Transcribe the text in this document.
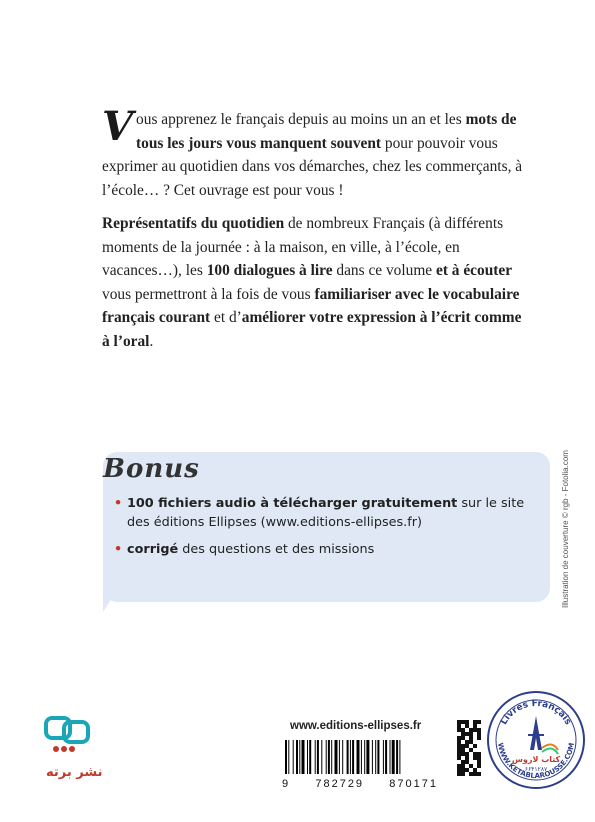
Vous apprenez le français depuis au moins un an et les mots de tous les jours vous manquent souvent pour pouvoir vous exprimer au quotidien dans vos démarches, chez les commerçants, à l’école… ? Cet ouvrage est pour vous !

Représentatifs du quotidien de nombreux Français (à différents moments de la journée : à la maison, en ville, à l’école, en vacances…), les 100 dialogues à lire dans ce volume et à écouter vous permettront à la fois de vous familiariser avec le vocabulaire français courant et d’améliorer votre expression à l’écrit comme à l’oral.

Bonus
• 100 fichiers audio à télécharger gratuitement sur le site des éditions Ellipses (www.editions-ellipses.fr)
• corrigé des questions et des missions	Illustration de couverture © rgb - Fotolia.com
نشر برته
www.editions-ellipses.fr
9 782729 870171
Livres Français
WWW.KETABLAROUSSE.COM
كتاب لاروس
۶۶۴۱۲۸۷
